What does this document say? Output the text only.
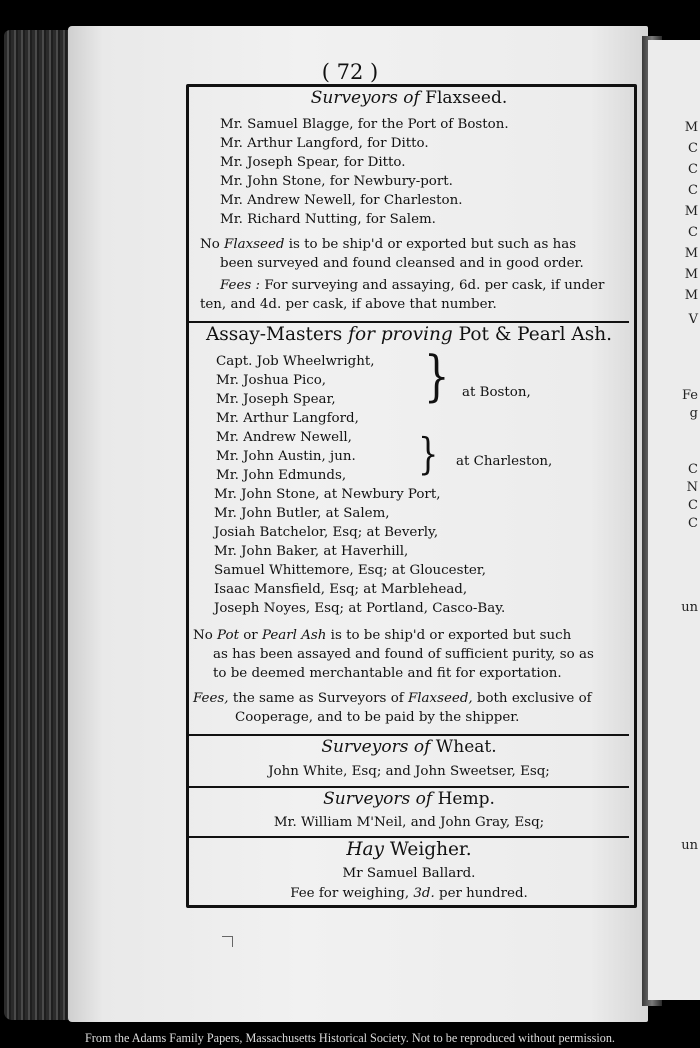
M
C
C
C
M
C
M
M
M
V
Fe
g
C
N
C
C
un
un
( 72 )
Surveyors of Flaxseed.
Mr. Samuel Blagge, for the Port of Boston.
Mr. Arthur Langford, for Ditto.
Mr. Joseph Spear, for Ditto.
Mr. John Stone, for Newbury-port.
Mr. Andrew Newell, for Charleston.
Mr. Richard Nutting, for Salem.
No Flaxseed is to be ship'd or exported but such as has
been surveyed and found cleansed and in good order.
Fees : For surveying and assaying, 6d. per cask, if under
ten, and 4d. per cask, if above that number.
Assay-Masters for proving Pot & Pearl Ash.
Capt. Job Wheelwright,
Mr. Joshua Pico,
Mr. Joseph Spear,
Mr. Arthur Langford,
} at Boston,
Mr. Andrew Newell,
Mr. John Austin, jun.
Mr. John Edmunds,	} at Charleston,
Mr. John Stone, at Newbury Port,
Mr. John Butler, at Salem,
Josiah Batchelor, Esq; at Beverly,
Mr. John Baker, at Haverhill,
Samuel Whittemore, Esq; at Gloucester,
Isaac Mansfield, Esq; at Marblehead,
Joseph Noyes, Esq; at Portland, Casco-Bay.
No Pot or Pearl Ash is to be ship'd or exported but such
as has been assayed and found of sufficient purity, so as
to be deemed merchantable and fit for exportation.
Fees, the same as Surveyors of Flaxseed, both exclusive of
Cooperage, and to be paid by the shipper.
Surveyors of Wheat.
John White, Esq; and John Sweetser, Esq;
Surveyors of Hemp.
Mr. William M'Neil, and John Gray, Esq;
Hay Weigher.
Mr Samuel Ballard.
Fee for weighing, 3d. per hundred.
From the Adams Family Papers, Massachusetts Historical Society. Not to be reproduced without permission.
